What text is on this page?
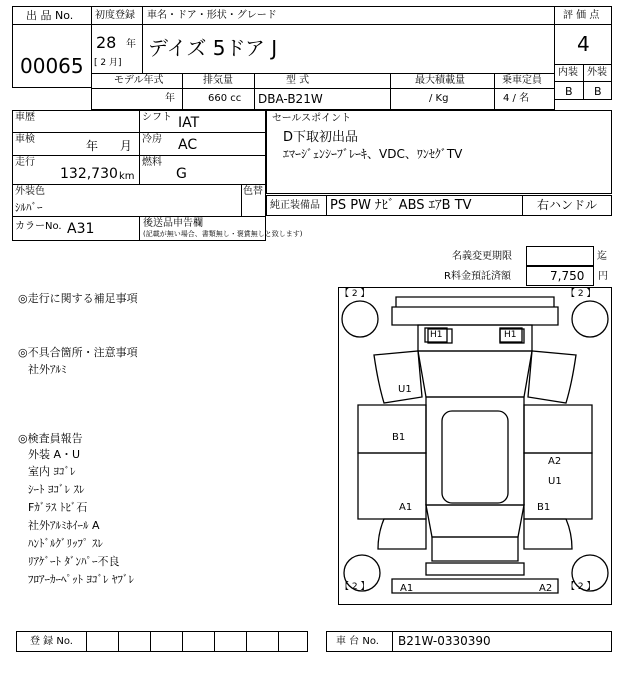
出 品 No.
00065
初度登録
28 年
[ 2 月]
車名・ドア・形状・グレード
デイズ 5ドア J
評 価 点
4
内装 外装
B B
モデル年式	排気量	型 式	最大積載量	乗車定員
年	660 cc DBA-B21W	/ Kg	4 / 名
車歴	シフト IAT
車検	年 月 冷房 AC
走行
132,730 km
燃料
G
外装色
ｼﾙﾊﾞｰ
色替
カラーNo. A31	後送品申告欄
(記載が無い場合、書類無し・褒賞無しと致します)
セールスポイント
D下取初出品
ｴﾏｰｼﾞｪﾝｼｰﾌﾞﾚｰｷ、VDC、ﾜﾝｾｸﾞTV
純正装備品 PS PW ﾅﾋﾞ ABS ｴｱB TV	右ハンドル
名義変更期限	迄
R料金預託済額	7,750 円
◎走行に関する補足事項
◎不具合箇所・注意事項
社外ｱﾙﾐ
◎検査員報告
外装 A・U
室内 ﾖｺﾞﾚ
ｼｰﾄ ﾖｺﾞﾚ ｽﾚ
Fｶﾞﾗｽ ﾄﾋﾞ石
社外ｱﾙﾐﾎｲｰﾙ A
ﾊﾝﾄﾞﾙｸﾞﾘｯﾌﾟ ｽﾚ
ﾘｱｹﾞｰﾄ ﾀﾞﾝﾊﾟｰ不良
ﾌﾛｱｰｶｰﾍﾟｯﾄ ﾖｺﾞﾚ ﾔﾌﾞﾚ
【 2 】	【 2 】
【 2 】	【 2 】
H1	H1
U1
B1
A2
U1
A1	B1
A1	A2
登 録 No.	車 台 No. B21W-0330390
